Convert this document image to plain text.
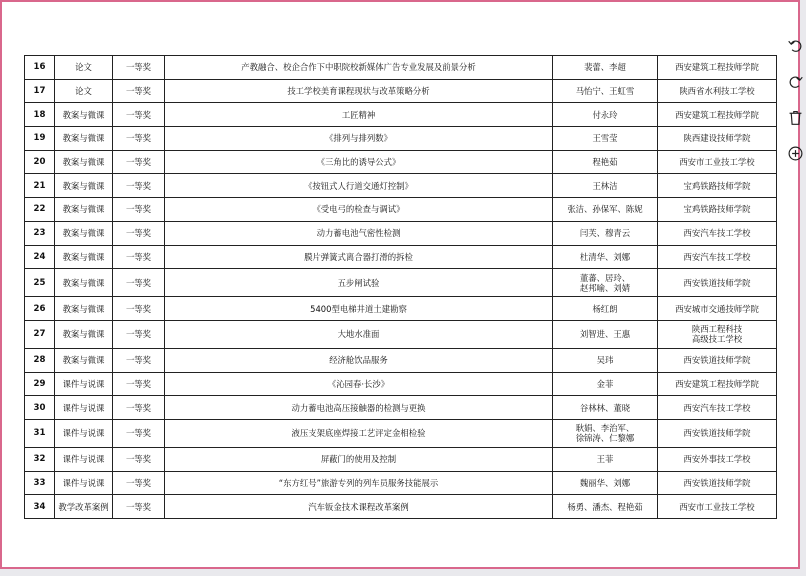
16	论文	一等奖	产教融合、校企合作下中职院校新媒体广告专业发展及前景分析	裴蕾、李超	西安建筑工程技师学院
17	论文	一等奖	技工学校美育课程现状与改革策略分析	马怡宁、王虹雪	陕西省水利技工学校
18	教案与微课	一等奖	工匠精神	付永玲	西安建筑工程技师学院
19	教案与微课	一等奖	《排列与排列数》	王雪莹	陕西建设技师学院
20	教案与微课	一等奖	《三角比的诱导公式》	程艳茹	西安市工业技工学校
21	教案与微课	一等奖	《按钮式人行道交通灯控制》	王林洁	宝鸡铁路技师学院
22	教案与微课	一等奖	《受电弓的检查与调试》	张洁、孙保军、陈妮	宝鸡铁路技师学院
23	教案与微课	一等奖	动力蓄电池气密性检测	闫芙、穆青云	西安汽车技工学校
24	教案与微课	一等奖	膜片弹簧式离合器打滑的拆检	杜清华、刘娜	西安汽车技工学校
25	教案与微课	一等奖	五步闸试验	董蕃、居玲、
赵邦喻、刘婧	西安铁道技师学院
26	教案与微课	一等奖	5400型电梯井道土建勘察	杨红朗	西安城市交通技师学院
27	教案与微课	一等奖	大地水准面	刘智进、王惠	陕西工程科技
高级技工学校
28	教案与微课	一等奖	经济舱饮品服务	吴玮	西安铁道技师学院
29	课件与说课	一等奖	《沁园春·长沙》	金菲	西安建筑工程技师学院
30	课件与说课	一等奖	动力蓄电池高压接触器的检测与更换	谷林林、董晓	西安汽车技工学校
31	课件与说课	一等奖	液压支架底座焊接工艺评定金相检验	耿娟、李治军、
徐锦涛、仁黎娜	西安铁道技师学院
32	课件与说课	一等奖	屏蔽门的使用及控制	王菲	西安外事技工学校
33	课件与说课	一等奖	“东方红号”旅游专列的列车员服务技能展示	魏丽华、刘娜	西安铁道技师学院
34	教学改革案例	一等奖	汽车钣金技术课程改革案例	杨勇、潘杰、程艳茹	西安市工业技工学校
